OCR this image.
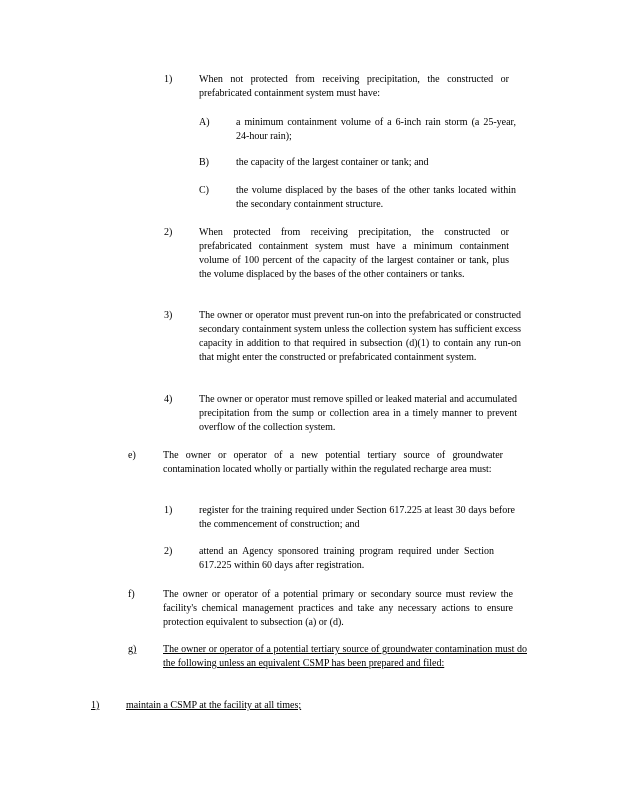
1)	When not protected from receiving precipitation, the constructed or prefabricated containment system must have:
A)	a minimum containment volume of a 6-inch rain storm (a 25-year, 24-hour rain);
B)	the capacity of the largest container or tank; and
C)	the volume displaced by the bases of the other tanks located within the secondary containment structure.
2)	When protected from receiving precipitation, the constructed or prefabricated containment system must have a minimum containment volume of 100 percent of the capacity of the largest container or tank, plus the volume displaced by the bases of the other containers or tanks.
3)	The owner or operator must prevent run-on into the prefabricated or constructed secondary containment system unless the collection system has sufficient excess capacity in addition to that required in subsection (d)(1) to contain any run-on that might enter the constructed or prefabricated containment system.
4)	The owner or operator must remove spilled or leaked material and accumulated precipitation from the sump or collection area in a timely manner to prevent overflow of the collection system.
e)	The owner or operator of a new potential tertiary source of groundwater contamination located wholly or partially within the regulated recharge area must:
1)	register for the training required under Section 617.225 at least 30 days before the commencement of construction; and
2)	attend an Agency sponsored training program required under Section 617.225 within 60 days after registration.
f)	The owner or operator of a potential primary or secondary source must review the facility's chemical management practices and take any necessary actions to ensure protection equivalent to subsection (a) or (d).
g)	The owner or operator of a potential tertiary source of groundwater contamination must do the following unless an equivalent CSMP has been prepared and filed:
1)	maintain a CSMP at the facility at all times;
